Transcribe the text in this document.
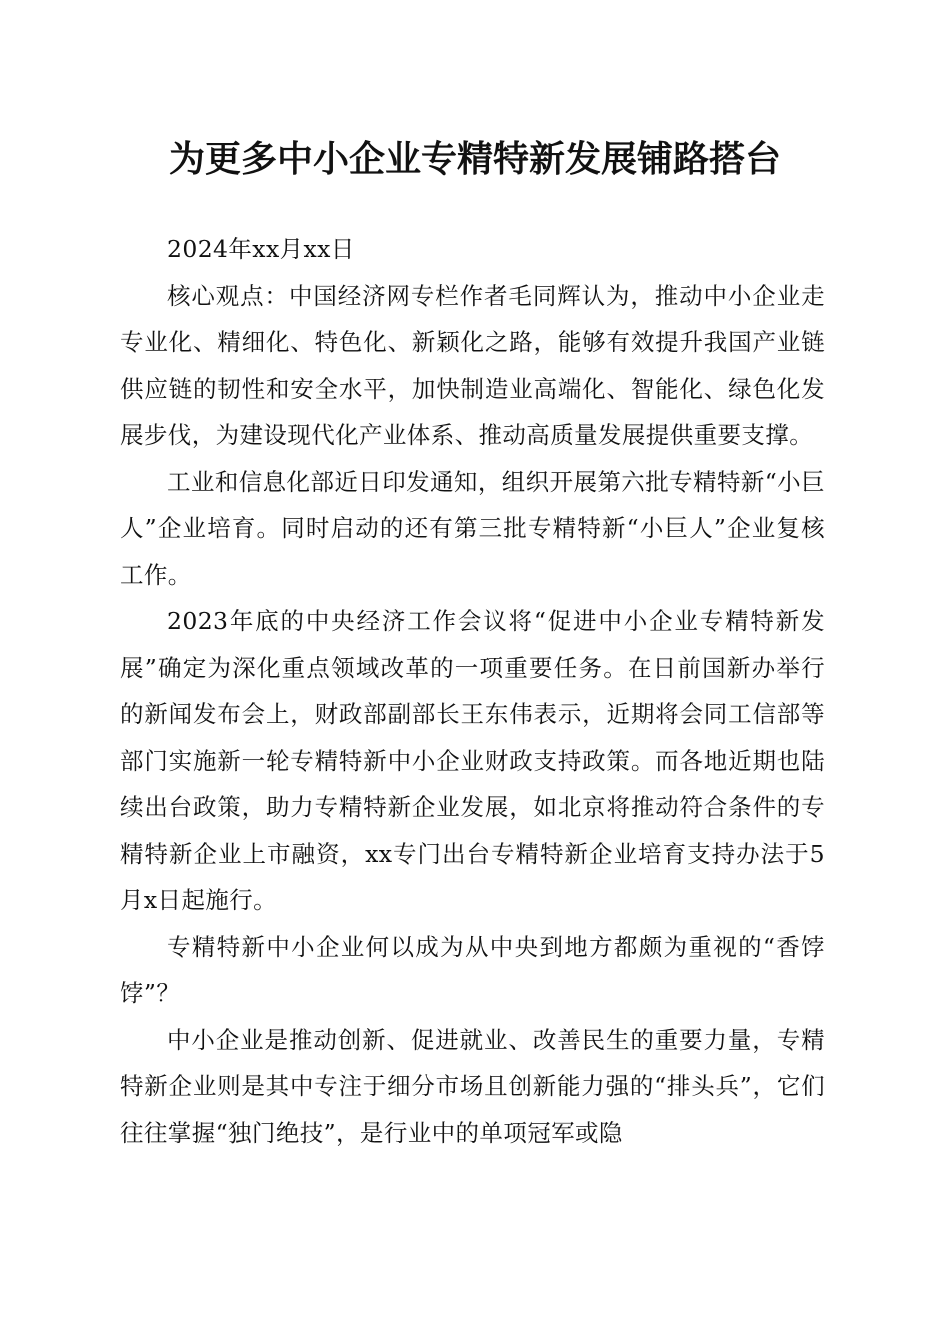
为更多中小企业专精特新发展铺路搭台

2024年xx月xx日

核心观点：中国经济网专栏作者毛同辉认为，推动中小企业走专业化、精细化、特色化、新颖化之路，能够有效提升我国产业链供应链的韧性和安全水平，加快制造业高端化、智能化、绿色化发展步伐，为建设现代化产业体系、推动高质量发展提供重要支撑。

工业和信息化部近日印发通知，组织开展第六批专精特新“小巨人”企业培育。同时启动的还有第三批专精特新“小巨人”企业复核工作。

2023年底的中央经济工作会议将“促进中小企业专精特新发展”确定为深化重点领域改革的一项重要任务。在日前国新办举行的新闻发布会上，财政部副部长王东伟表示，近期将会同工信部等部门实施新一轮专精特新中小企业财政支持政策。而各地近期也陆续出台政策，助力专精特新企业发展，如北京将推动符合条件的专精特新企业上市融资，xx专门出台专精特新企业培育支持办法于5月x日起施行。

专精特新中小企业何以成为从中央到地方都颇为重视的“香饽饽”？

中小企业是推动创新、促进就业、改善民生的重要力量，专精特新企业则是其中专注于细分市场且创新能力强的“排头兵”，它们往往掌握“独门绝技”，是行业中的单项冠军或隐
